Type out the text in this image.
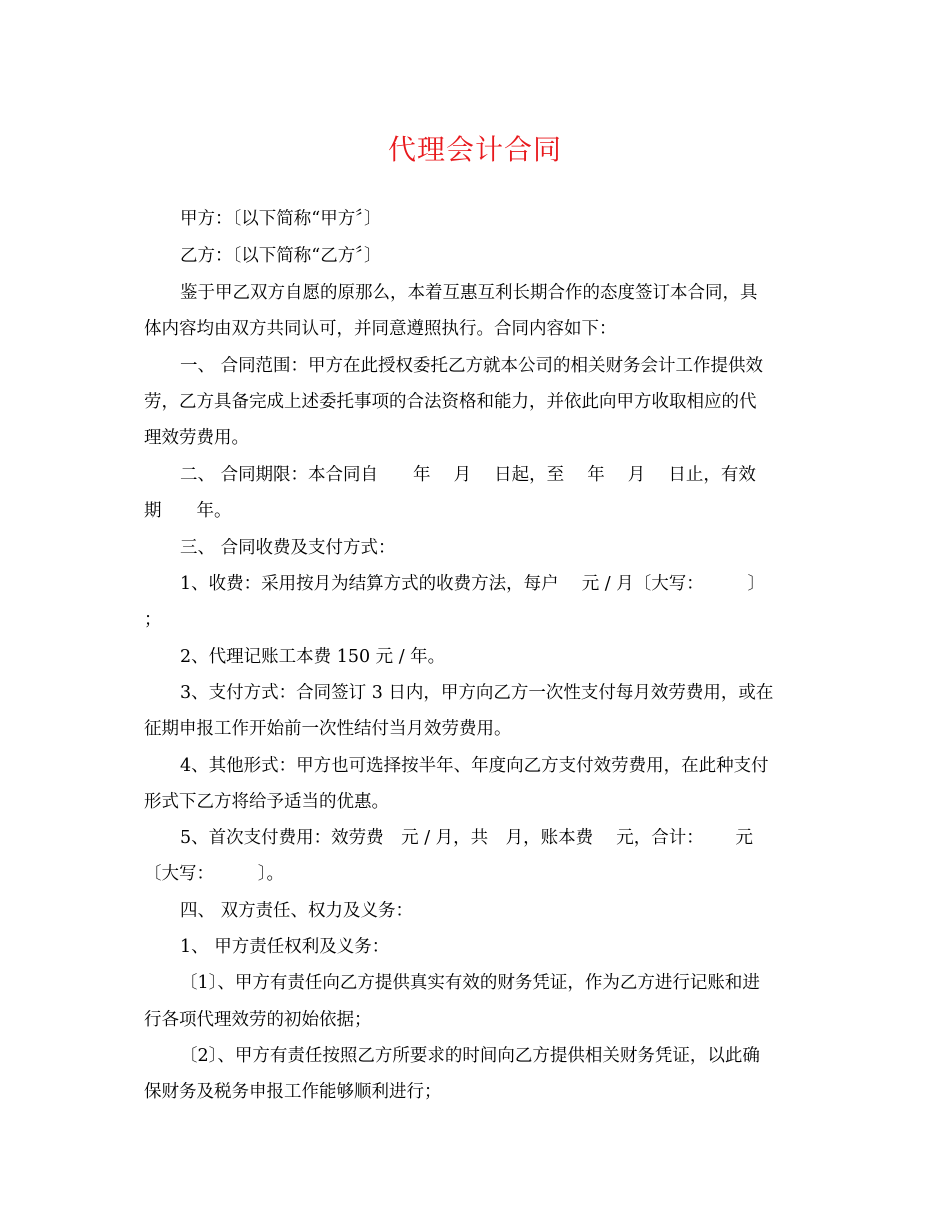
代理会计合同
甲方：〔以下简称“甲方〞〕
乙方：〔以下简称“乙方〞〕
鉴于甲乙双方自愿的原那么，本着互惠互利长期合作的态度签订本合同，具
体内容均由双方共同认可，并同意遵照执行。合同内容如下：
一、 合同范围：甲方在此授权委托乙方就本公司的相关财务会计工作提供效
劳，乙方具备完成上述委托事项的合法资格和能力，并依此向甲方收取相应的代
理效劳费用。
二、 合同期限：本合同自　　年　 月　 日起，至　 年　 月　 日止，有效
期　　年。
三、 合同收费及支付方式：
1、收费：采用按月为结算方式的收费方法，每户　 元 / 月〔大写：　　　〕
；
2、代理记账工本费 150 元 / 年。
3、支付方式：合同签订 3 日内，甲方向乙方一次性支付每月效劳费用，或在
征期申报工作开始前一次性结付当月效劳费用。
4、其他形式：甲方也可选择按半年、年度向乙方支付效劳费用，在此种支付
形式下乙方将给予适当的优惠。
5、首次支付费用：效劳费　元 / 月，共　月，账本费　 元，合计：　　 元
〔大写：　　　〕。
四、 双方责任、权力及义务：
1、 甲方责任权利及义务：
〔1〕、甲方有责任向乙方提供真实有效的财务凭证，作为乙方进行记账和进
行各项代理效劳的初始依据；
〔2〕、甲方有责任按照乙方所要求的时间向乙方提供相关财务凭证，以此确
保财务及税务申报工作能够顺利进行；
